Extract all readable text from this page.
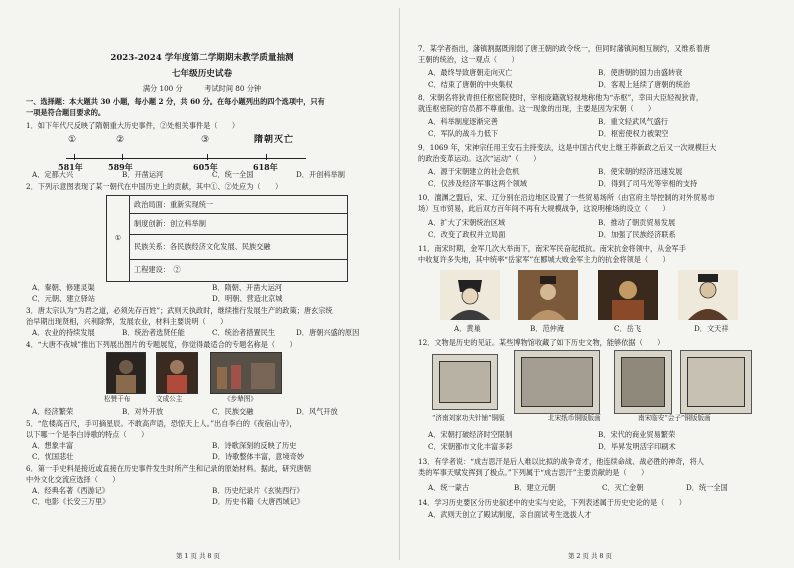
2023-2024 学年度第二学期期末教学质量抽测
七年级历史试卷
满分 100 分　　　考试时间 80 分钟
一、选择题：本大题共 30 小题，每小题 2 分，共 60 分。在每小题列出的四个选项中，只有
一项是符合题目要求的。
1．如下年代尺反映了隋朝重大历史事件，②处相关事件是（　　）
①	②	③	隋朝灭亡
581年	589年	605年	618年
A．定都大兴	B．开凿运河	C．统一全国	D．开创科举制
2．下列示意图表现了某一朝代在中国历史上的贡献，其中①、②处应为（　　）
①
政治局面：重新实现统一
制度创新：创立科举制
民族关系：各民族经济文化发展、民族交融
工程建设：　②　
A．秦朝、修建灵渠	B．隋朝、开凿大运河
C．元朝、建立驿站	D．明朝、营造北京城
3．唐太宗认为“为君之道，必须先存百姓”；武则天执政时，继续推行发展生产的政策；唐玄宗统
治早期出现贤相，兴利除弊，发展农业，材料主要说明（　　）
A．农业的持续发展	B．统治者选贤任能	C．统治者措置民生	D．唐朝兴盛的原因
4．“大唐不夜城”推出下列展出图片的专题展览，你觉得最适合的专题名称是（　　）
松赞干布	文成公主	《步辇图》
A．经济繁荣	B．对外开放	C．民族交融	D．风气开放
5．“危楼高百尺，手可摘星辰。不敢高声语，恐惊天上人。”出自李白的《夜宿山寺》，
以下哪一个是李白诗歌的特点（　　）
A．想象丰富	B．诗歌深刻的反映了历史
C．忧国悲壮	D．诗歌整体丰富，意境奇妙
6．第一手史料是接近或直接在历史事件发生时所产生和记录的原始材料。据此，研究唐朝
中外文化交流应选择（　　）
A．经典名著《西游记》	B．历史纪录片《玄奘西行》
C．电影《长安三万里》	D．历史书籍《大唐西域记》
第 1 页 共 8 页
7．某学者指出，藩镇割据既削弱了唐王朝的政令统一，但同时藩镇间相互制约，又维系着唐
王朝的统治，这一观点（　　）
A．最终导致唐朝走向灭亡	B．使唐朝的国力由盛转衰
C．结束了唐朝的中央集权	D．客观上延续了唐朝的统治
8．宋朝名将狄青担任枢密院使时，宰相庞籍就轻视地称他为“赤枢”，幸田大臣轻视狄青，
就连枢密院的官员都不尊重他。这一现象的出现，主要是因为宋朝（　　）
A．科举制度逐渐完善	B．重文轻武风气盛行
C．军队的战斗力低下	D．枢密使权力被架空
9．1069 年，宋神宗任用王安石主持变法，这是中国古代史上继王莽新政之后又一次规模巨大
的政治变革运动。这次“运动”（　　）
A．源于宋朝建立的社会危机	B．使宋朝的经济迅速发展
C．仅涉及经济军事这两个领域	D．得到了司马光等宰相的支持
10．澶渊之盟后，宋、辽分别在沿边地区设置了一些贸易场所（由官府主导控制的对外贸易市
场）互市贸易，此后双方百年间不再有大规模战争，这说明榷场的设立（　　）
A．扩大了宋朝统治区域	B．推动了朝贡贸易发展
C．改变了政权并立局面	D．加强了民族经济联系
11．南宋时期，金军几次大举南下，南宋军民奋起抵抗。南宋抗金将领中，从金军手
中收复许多失地，其中统率“岳家军”在郾城大败金军主力的抗金将领是（　　）
A．黄巢	B．范仲淹	C．岳飞	D．文天祥
12．文物是历史的见证。某些博物馆收藏了如下历史文物，能够依据（　　）
“济南刘家功夫针铺”铜版	北宋纸币铜版版画	南宋临安“会子”铜版版画
A．宋朝打破经济时空限制	B．宋代的商业贸易繁荣
C．宋朝都市文化丰富多彩	D．毕昇发明活字印刷术
13．有学者说：“成吉思汗是后人难以比拟的战争奇才，他连续命战、战必胜的神奇，将人
类的军事天赋发挥到了极点。”下列属于“成吉思汗”主要贡献的是（　　）
A．统一蒙古	B．建立元朝	C．灭亡金朝	D．统一全国
14．学习历史要区分历史叙述中的史实与史论，下列表述属于历史史论的是（　　）
A．武则天创立了殿试制度，亲自面试考生选拔人才
第 2 页 共 8 页
